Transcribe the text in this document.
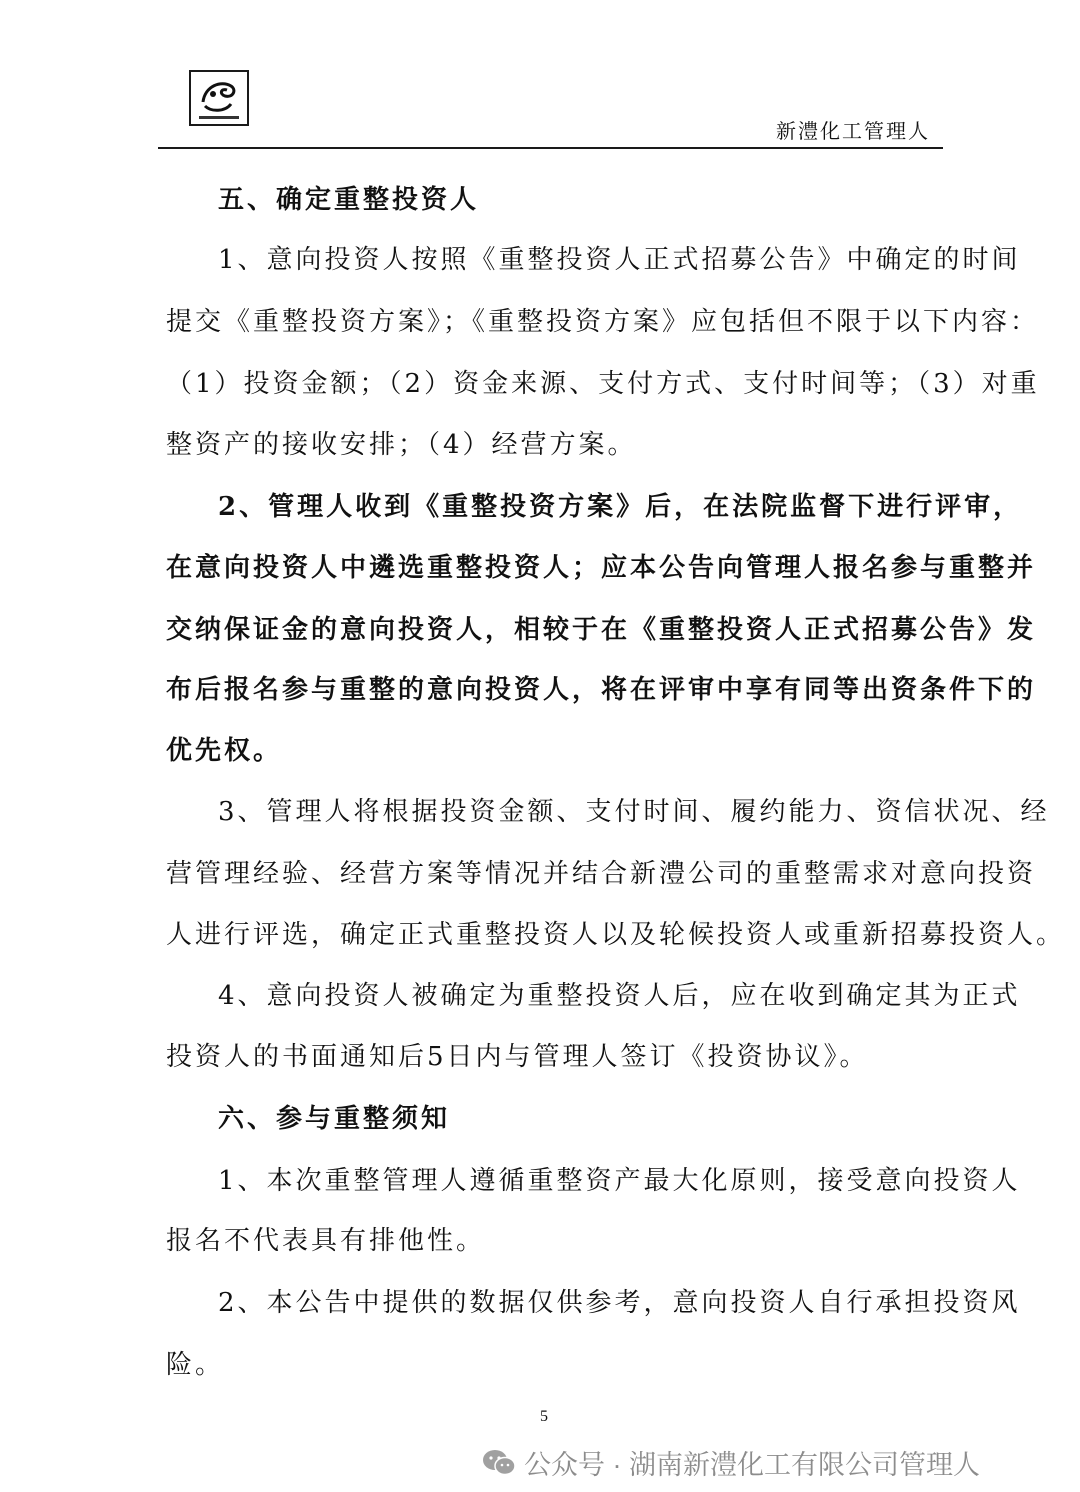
新澧化工管理人
五、确定重整投资人
1、意向投资人按照《重整投资人正式招募公告》中确定的时间
提交《重整投资方案》；《重整投资方案》应包括但不限于以下内容：
（1）投资金额；（2）资金来源、支付方式、支付时间等；（3）对重
整资产的接收安排；（4）经营方案。
2、管理人收到《重整投资方案》后，在法院监督下进行评审，
在意向投资人中遴选重整投资人；应本公告向管理人报名参与重整并
交纳保证金的意向投资人，相较于在《重整投资人正式招募公告》发
布后报名参与重整的意向投资人，将在评审中享有同等出资条件下的
优先权。
3、管理人将根据投资金额、支付时间、履约能力、资信状况、经
营管理经验、经营方案等情况并结合新澧公司的重整需求对意向投资
人进行评选，确定正式重整投资人以及轮候投资人或重新招募投资人。
4、意向投资人被确定为重整投资人后，应在收到确定其为正式
投资人的书面通知后5日内与管理人签订《投资协议》。
六、参与重整须知
1、本次重整管理人遵循重整资产最大化原则，接受意向投资人
报名不代表具有排他性。
2、本公告中提供的数据仅供参考，意向投资人自行承担投资风
险。
5
公众号 · 湖南新澧化工有限公司管理人
